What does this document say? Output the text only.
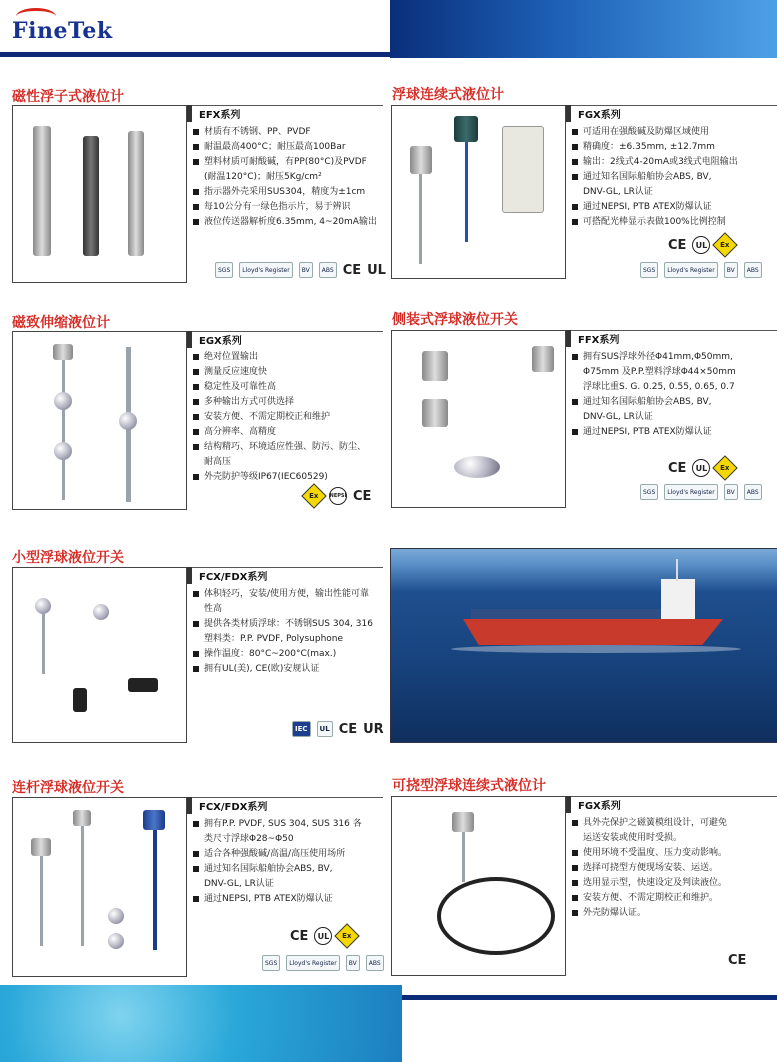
FineTek
磁性浮子式液位计
EFX系列
材质有不锈钢、PP、PVDF
耐温最高400°C；耐压最高100Bar
塑料材质可耐酸碱，有PP(80°C)及PVDF
(耐温120°C)；耐压5Kg/cm²
指示器外壳采用SUS304，精度为±1cm
每10公分有一绿色指示片，易于辨识
液位传送器解析度6.35mm, 4~20mA输出
SGS	Lloyd's Register	BV	ABS CE UL
浮球连续式液位计
FGX系列
可适用在强酸碱及防爆区域使用
精确度：±6.35mm, ±12.7mm
输出：2线式4-20mA或3线式电阻输出
通过知名国际船舶协会ABS, BV,
DNV-GL, LR认证
通过NEPSI, PTB ATEX防爆认证
可搭配光棒显示表做100%比例控制
CE	UL	Ex
SGS	Lloyd's Register	BV	ABS
磁致伸缩液位计
EGX系列
绝对位置输出
测量反应速度快
稳定性及可靠性高
多种输出方式可供选择
安装方便、不需定期校正和维护
高分辨率、高精度
结构精巧、环境适应性强、防污、防尘、
耐高压
外壳防护等级IP67(IEC60529)
Ex NEPSI CE
侧装式浮球液位开关
FFX系列
拥有SUS浮球外径Φ41mm,Φ50mm,
Φ75mm 及P.P.塑料浮球Φ44×50mm
浮球比重S. G. 0.25, 0.55, 0.65, 0.7
通过知名国际船舶协会ABS, BV,
DNV-GL, LR认证
通过NEPSI, PTB ATEX防爆认证
CE	UL	Ex
SGS	Lloyd's Register	BV	ABS
小型浮球液位开关
FCX/FDX系列
体积轻巧，安装/使用方便，输出性能可靠
性高
提供各类材质浮球：不锈钢SUS 304, 316
塑料类：P.P. PVDF, Polysuphone
操作温度：80°C~200°C(max.)
拥有UL(美), CE(欧)安规认证
IEC	UL CE UR
连杆浮球液位开关
FCX/FDX系列
拥有P.P. PVDF, SUS 304, SUS 316 各
类尺寸浮球Φ28~Φ50
适合各种强酸碱/高温/高压使用场所
通过知名国际船舶协会ABS, BV,
DNV-GL, LR认证
通过NEPSI, PTB ATEX防爆认证
CE	UL	Ex
SGS	Lloyd's Register	BV	ABS
可挠型浮球连续式液位计
FGX系列
具外壳保护之磁簧模组设计，可避免
运送安装或使用时受损。
使用环境不受温度、压力变动影响。
选择可挠型方便现场安装、运送。
选用显示型，快速设定及判读液位。
安装方便、不需定期校正和维护。
外壳防爆认证。
CE
